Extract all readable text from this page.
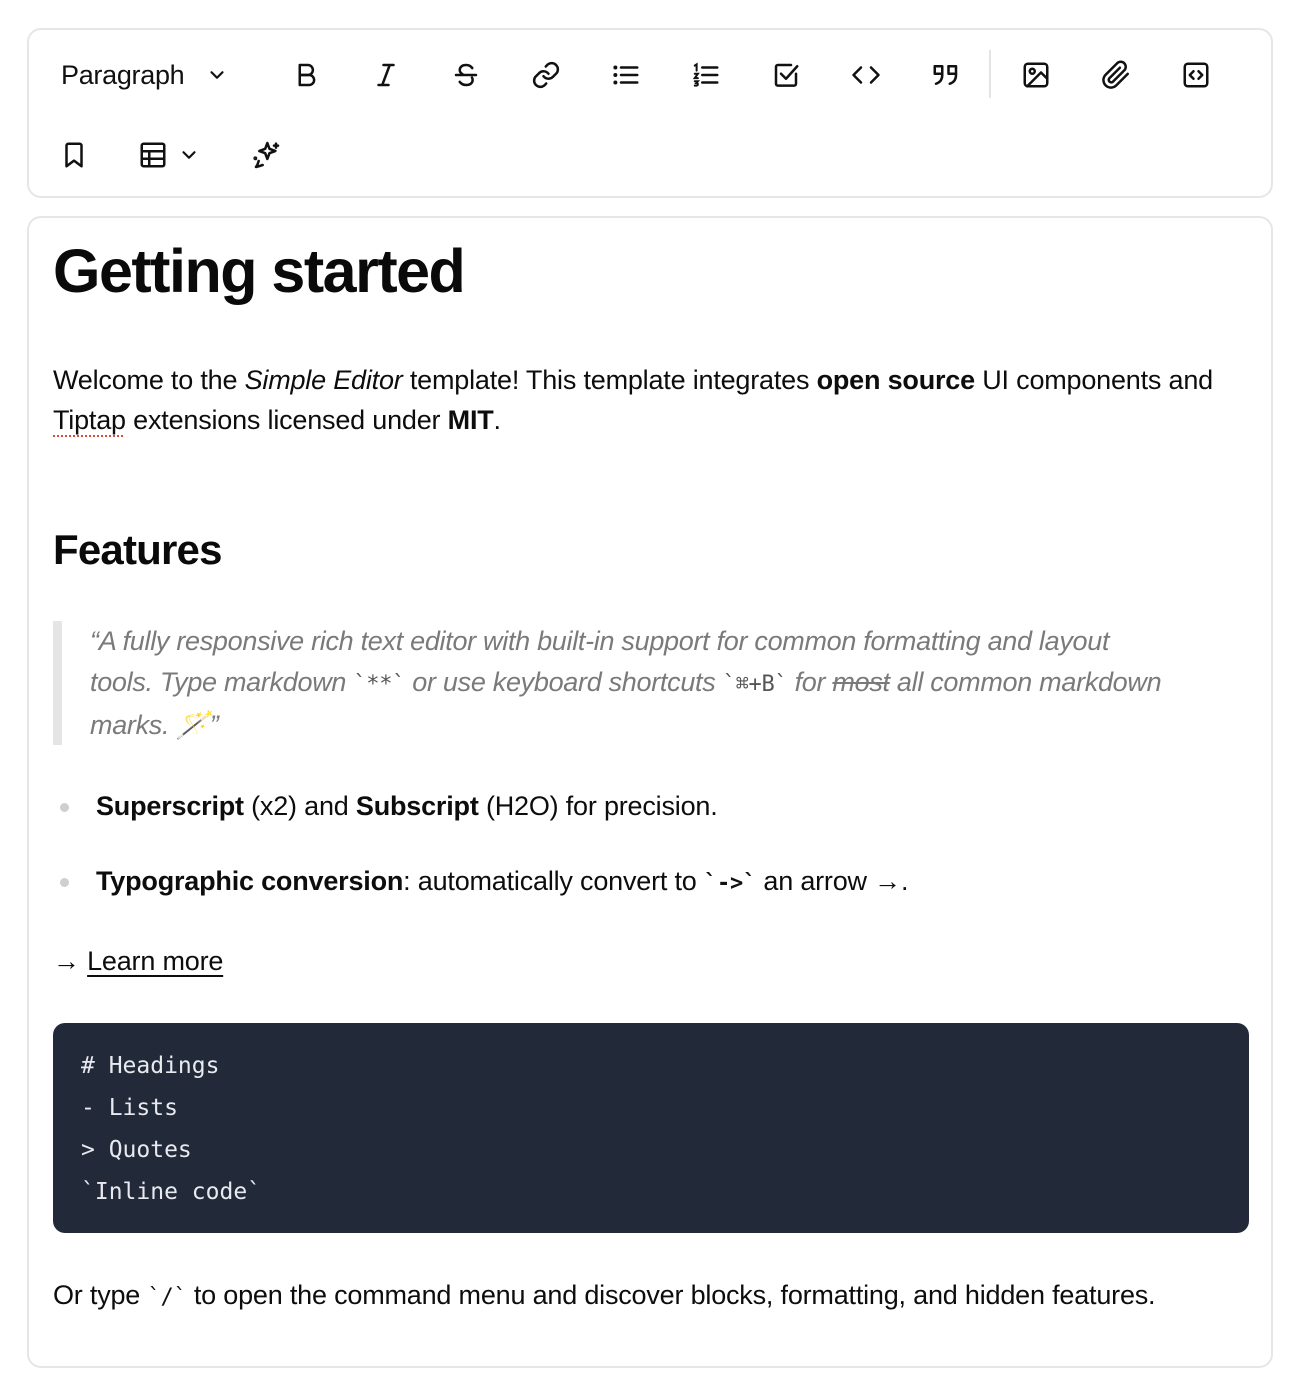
Paragraph
Getting started

Welcome to the Simple Editor template! This template integrates open source UI components and Tiptap extensions licensed under MIT.

Features
“A fully responsive rich text editor with built-in support for common formatting and layout
tools. Type markdown `**` or use keyboard shortcuts `⌘+B` for most all common markdown
marks. 🪄”
Superscript (x2) and Subscript (H2O) for precision.
Typographic conversion: automatically convert to `->` an arrow →.

→ Learn more

# Headings
- Lists
> Quotes
`Inline code`

Or type `/` to open the command menu and discover blocks, formatting, and hidden features.
